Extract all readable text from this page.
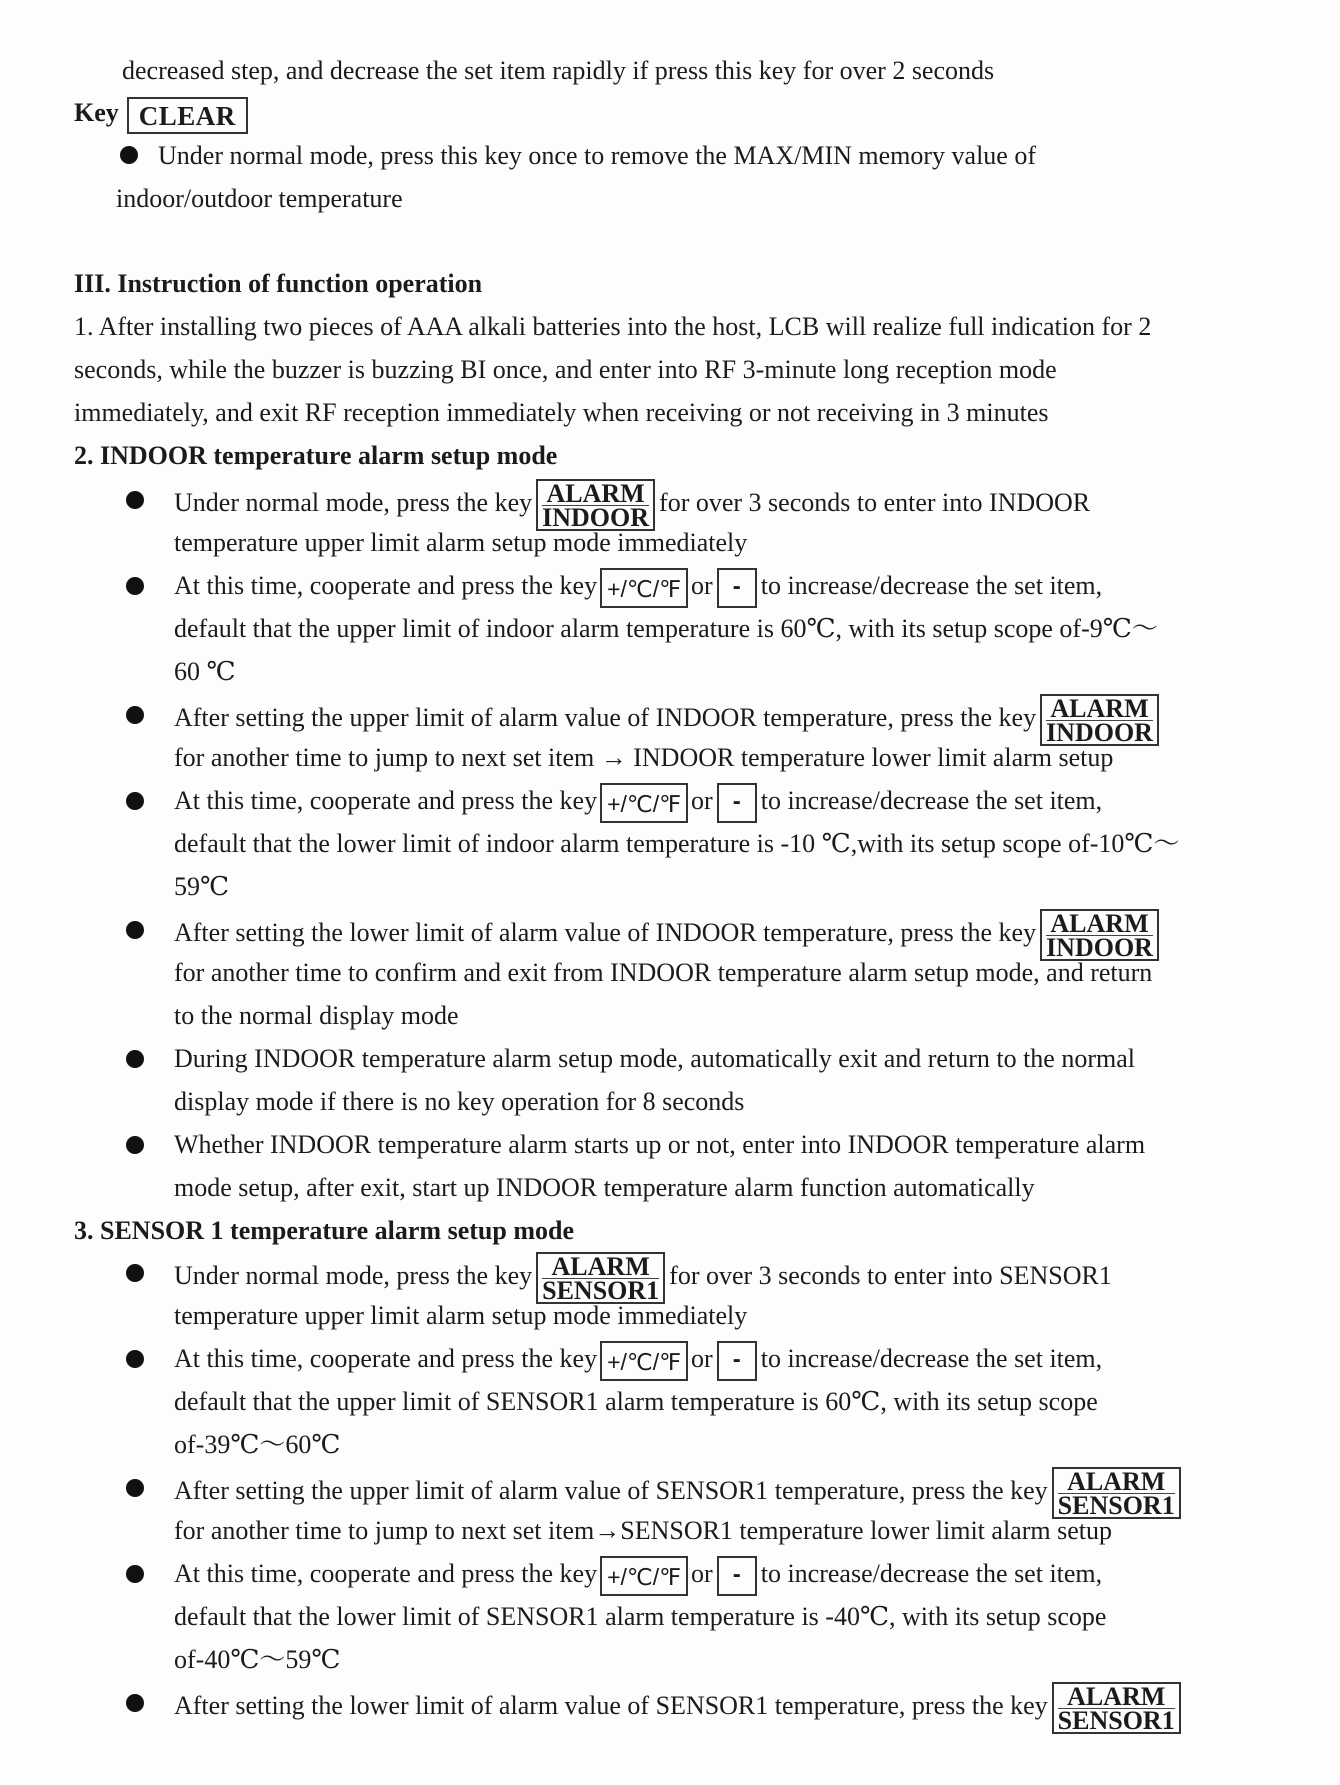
decreased step, and decrease the set item rapidly if press this key for over 2 seconds
Key CLEAR
Under normal mode, press this key once to remove the MAX/MIN memory value of
indoor/outdoor temperature
III. Instruction of function operation
1. After installing two pieces of AAA alkali batteries into the host, LCB will realize full indication for 2
seconds, while the buzzer is buzzing BI once, and enter into RF 3-minute long reception mode
immediately, and exit RF reception immediately when receiving or not receiving in 3 minutes
2. INDOOR temperature alarm setup mode
Under normal mode, press the key ALARM
INDOOR
for over 3 seconds to enter into INDOOR
temperature upper limit alarm setup mode immediately
At this time, cooperate and press the key +/℃/℉ or - to increase/decrease the set item,
default that the upper limit of indoor alarm temperature is 60℃, with its setup scope of-9℃～
60 ℃
After setting the upper limit of alarm value of INDOOR temperature, press the key ALARM
INDOOR
for another time to jump to next set item → INDOOR temperature lower limit alarm setup
At this time, cooperate and press the key +/℃/℉ or - to increase/decrease the set item,
default that the lower limit of indoor alarm temperature is -10 ℃,with its setup scope of-10℃～
59℃
After setting the lower limit of alarm value of INDOOR temperature, press the key ALARM
INDOOR
for another time to confirm and exit from INDOOR temperature alarm setup mode, and return
to the normal display mode
During INDOOR temperature alarm setup mode, automatically exit and return to the normal
display mode if there is no key operation for 8 seconds
Whether INDOOR temperature alarm starts up or not, enter into INDOOR temperature alarm
mode setup, after exit, start up INDOOR temperature alarm function automatically
3. SENSOR 1 temperature alarm setup mode
Under normal mode, press the key ALARM
SENSOR1
for over 3 seconds to enter into SENSOR1
temperature upper limit alarm setup mode immediately
At this time, cooperate and press the key +/℃/℉ or - to increase/decrease the set item,
default that the upper limit of SENSOR1 alarm temperature is 60℃, with its setup scope
of-39℃～60℃
After setting the upper limit of alarm value of SENSOR1 temperature, press the key ALARM
SENSOR1
for another time to jump to next set item→SENSOR1 temperature lower limit alarm setup
At this time, cooperate and press the key +/℃/℉ or - to increase/decrease the set item,
default that the lower limit of SENSOR1 alarm temperature is -40℃, with its setup scope
of-40℃～59℃
After setting the lower limit of alarm value of SENSOR1 temperature, press the key ALARM
SENSOR1
